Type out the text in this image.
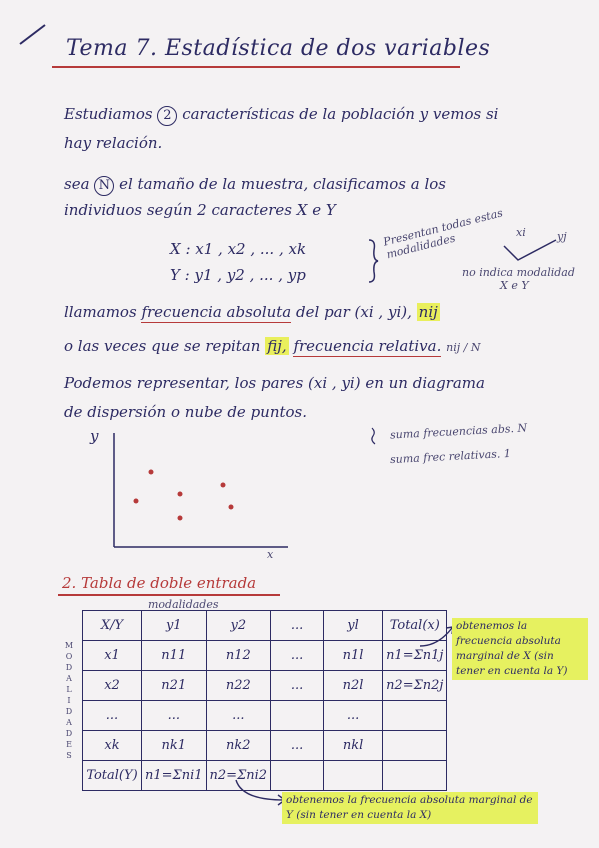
Tema 7. Estadística de dos variables
Estudiamos 2 características de la población y vemos si
hay relación.
sea N el tamaño de la muestra, clasificamos a los
individuos según 2 caracteres X e Y
X : x1 , x2 , ... , xk
Y : y1 , y2 , ... , yp
Presentan todas estas modalidades	xi	yj
no indica modalidad
X e Y
llamamos frecuencia absoluta del par (xi , yi), nij
o las veces que se repitan fij, frecuencia relativa. nij / N
Podemos representar, los pares (xi , yi) en un diagrama
de dispersión o nube de puntos.
y
x
suma frecuencias abs. N
suma frec relativas. 1
2. Tabla de doble entrada
modalidades
M
O
D
A
L
I
D
A
D
E
S
X/Y	y1	y2	...	yl	Total(x)
x1	n11	n12	...	n1l	n1=Σn1j
x2	n21	n22	...	n2l	n2=Σn2j
...	...	...		...	
xk	nk1	nk2	...	nkl	
Total(Y)	n1=Σni1	n2=Σni2			
obtenemos la frecuencia absoluta marginal de X (sin tener en cuenta la Y)
obtenemos la frecuencia absoluta marginal de Y (sin tener en cuenta la X)
